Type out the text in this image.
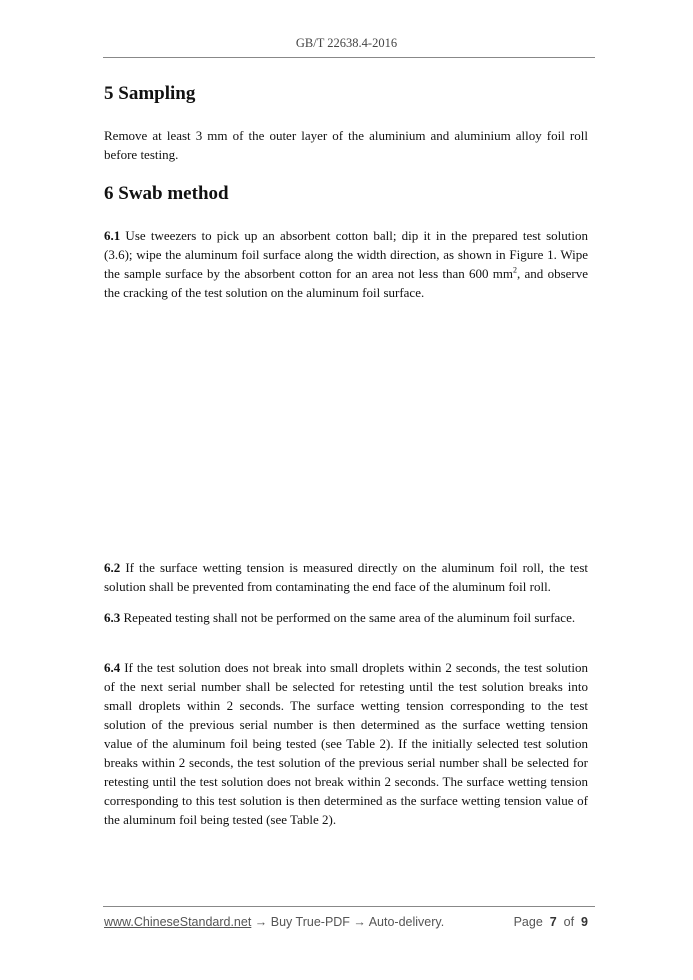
GB/T 22638.4-2016
5 Sampling

Remove at least 3 mm of the outer layer of the aluminium and aluminium alloy foil roll before testing.

6 Swab method

6.1 Use tweezers to pick up an absorbent cotton ball; dip it in the prepared test solution (3.6); wipe the aluminum foil surface along the width direction, as shown in Figure 1. Wipe the sample surface by the absorbent cotton for an area not less than 600 $mm^2$, and observe the cracking of the test solution on the aluminum foil surface.

6.2 If the surface wetting tension is measured directly on the aluminum foil roll, the test solution shall be prevented from contaminating the end face of the aluminum foil roll.

6.3 Repeated testing shall not be performed on the same area of the aluminum foil surface.

6.4 If the test solution does not break into small droplets within 2 seconds, the test solution of the next serial number shall be selected for retesting until the test solution breaks into small droplets within 2 seconds. The surface wetting tension corresponding to the test solution of the previous serial number is then determined as the surface wetting tension value of the aluminum foil being tested (see Table 2). If the initially selected test solution breaks within 2 seconds, the test solution of the previous serial number shall be selected for retesting until the test solution does not break within 2 seconds. The surface wetting tension corresponding to this test solution is then determined as the surface wetting tension value of the aluminum foil being tested (see Table 2).

www.ChineseStandard.net → Buy True-PDF → Auto-delivery.	Page 7 of 9
